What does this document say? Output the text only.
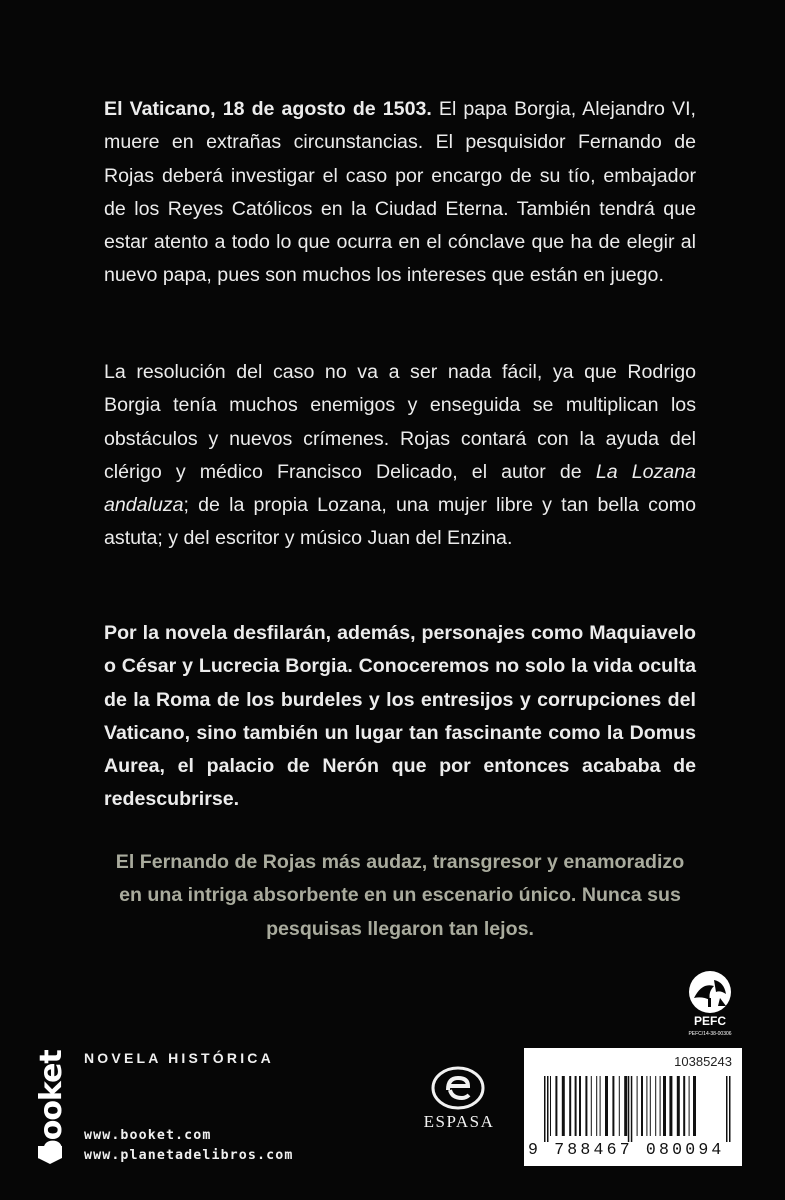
El Vaticano, 18 de agosto de 1503. El papa Borgia, Alejandro VI, muere en extrañas circunstancias. El pesquisidor Fernando de Rojas deberá investigar el caso por encargo de su tío, embajador de los Reyes Católicos en la Ciudad Eterna. También tendrá que estar atento a todo lo que ocurra en el cónclave que ha de elegir al nuevo papa, pues son muchos los intereses que están en juego.

La resolución del caso no va a ser nada fácil, ya que Rodrigo Borgia tenía muchos enemigos y enseguida se multiplican los obstáculos y nuevos crímenes. Rojas contará con la ayuda del clérigo y médico Francisco Delicado, el autor de La Lozana andaluza; de la propia Lozana, una mujer libre y tan bella como astuta; y del escritor y músico Juan del Enzina.

Por la novela desfilarán, además, personajes como Maquiavelo o César y Lucrecia Borgia. Conoceremos no solo la vida oculta de la Roma de los burdeles y los entresijos y corrupciones del Vaticano, sino también un lugar tan fascinante como la Domus Aurea, el palacio de Nerón que por entonces acababa de redescubrirse.

El Fernando de Rojas más audaz, transgresor y enamoradizo en una intriga absorbente en un escenario único. Nunca sus pesquisas llegaron tan lejos.

PEFC
PEFC/14-38-00306
booket NOVELA HISTÓRICA
www.booket.com
www.planetadelibros.com
ESPASA
10385243
9 788467 080094
